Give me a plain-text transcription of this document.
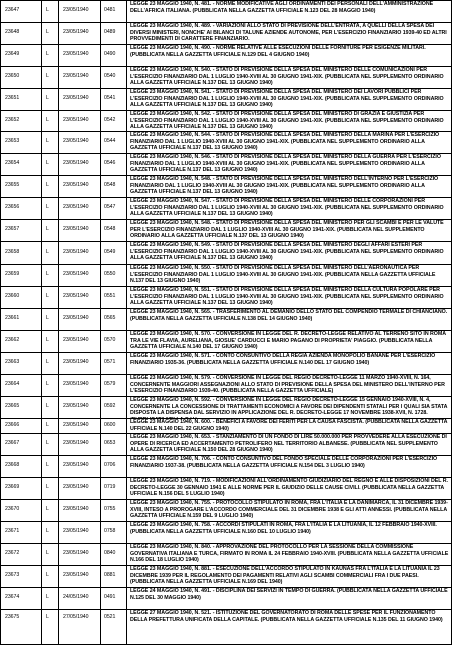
23647	L	23/05/1940	0481
LEGGE 23 MAGGIO 1940, N. 481. - NORME MODIFICATIVE AGLI ORDINAMENTI DEI PERSONALI DELL'AMMINISTRAZIONE DELL'AFRICA ITALIANA. (PUBBLICATA NELLA GAZZETTA UFFICIALE N.123 DEL 28 MAGGIO 1940)
23648	L	23/05/1940	0489
LEGGE 23 MAGGIO 1940, N. 489. - VARIAZIONI ALLO STATO DI PREVISIONE DELL'ENTRATA, A QUELLI DELLA SPESA DEI DIVERSI MINISTERI, NONCHE' AI BILANCI DI TALUNE AZIENDE AUTONOME, PER L'ESERCIZIO FINANZIARIO 1939-40 ED ALTRI PROVVEDIMENTI DI CARATTERE FINANZIARIO.
23649	L	23/05/1940	0490
LEGGE 23 MAGGIO 1940, N. 490. - NORME RELATIVE ALLE ESECUZIONI DELLE FORNITURE PER ESIGENZE MILITARI. (PUBBLICATA NELLA GAZZETTA UFFICIALE N.129 DEL 4 GIUGNO 1940)
23650	L	23/05/1940	0540
LEGGE 23 MAGGIO 1940, N. 540. - STATO DI PREVISIONE DELLA SPESA DEL MINISTERO DELLE COMUNICAZIONI PER L'ESERCIZIO FINANZIARIO DAL 1 LUGLIO 1940-XVIII AL 30 GIUGNO 1941-XIX. (PUBBLICATA NEL SUPPLEMENTO ORDINARIO ALLA GAZZETTA UFFICIALE N.137 DEL 13 GIUGNO 1940)
23651	L	23/05/1940	0541
LEGGE 23 MAGGIO 1940, N. 541. - STATO DI PREVISIONE DELLA SPESA DEL MINISTERO DEI LAVORI PUBBLICI PER L'ESERCIZIO FINANZIARIO DAL 1 LUGLIO 1940-XVIII AL 30 GIUGNO 1941-XIX. (PUBBLICATA NEL SUPPLEMENTO ORDINARIO ALLA GAZZETTA UFFICIALE N.137 DEL 13 GIUGNO 1940)
23652	L	23/05/1940	0542
LEGGE 23 MAGGIO 1940, N. 542. - STATO DI PREVISIONE DELLA SPESA DEL MINISTERO DI GRAZIA E GIUSTIZIA PER L'ESERCIZIO FINANZIARIO DAL 1 LUGLIO 1940-XVIII AL 30 GIUGNO 1941-XIX. (PUBBLICATA NEL SUPPLEMENTO ORDINARIO ALLA GAZZETTA UFFICIALE N.137 DEL 13 GIUGNO 1940)
23653	L	23/05/1940	0544
LEGGE 23 MAGGIO 1940, N. 544. - STATO DI PREVISIONE DELLA SPESA DEL MINISTERO DELLA MARINA PER L'ESERCIZIO FINANZIARIO DAL 1 LUGLIO 1940-XVIII AL 30 GIUGNO 1941-XIX. (PUBBLICATA NEL SUPPLEMENTO ORDINARIO ALLA GAZZETTA UFFICIALE N.137 DEL 13 GIUGNO 1940)
23654	L	23/05/1940	0546
LEGGE 23 MAGGIO 1940, N. 546. - STATO DI PREVISIONE DELLA SPESA DEL MINISTERO DELLA GUERRA PER L'ESERCIZIO FINANZIARIO DAL 1 LUGLIO 1940-XVIII AL 30 GIUGNO 1941-XIX. (PUBBLICATA NEL SUPPLEMENTO ORDINARIO ALLA GAZZETTA UFFICIALE N.137 DEL 13 GIUGNO 1940)
23655	L	23/05/1940	0548
LEGGE 23 MAGGIO 1940, N. 548. - STATO DI PREVISIONE DELLA SPESA DEL MINISTERO DELL'INTERNO PER L'ESERCIZIO FINANZIARIO DAL 1 LUGLIO 1940-XVIII AL 30 GIUGNO 1941-XIX. (PUBBLICATA NEL SUPPLEMENTO ORDINARIO ALLA GAZZETTA UFFICIALE N.137 DEL 13 GIUGNO 1940)
23656	L	23/05/1940	0547
LEGGE 23 MAGGIO 1940, N. 547. - STATO DI PREVISIONE DELLA SPESA DEL MINISTERO DELLE CORPORAZIONI PER L'ESERCIZIO FINANZIARIO DAL 1 LUGLIO 1940-XVIII AL 30 GIUGNO 1941-XIX. (PUBBLICATA NEL SUPPLEMENTO ORDINARIO ALLA GAZZETTA UFFICIALE N.137 DEL 13 GIUGNO 1940)
23657	L	23/05/1940	0548
LEGGE 23 MAGGIO 1940, N. 548. - STATO DI PREVISIONE DELLA SPESA DEL MINISTERO PER GLI SCAMBI E PER LE VALUTE PER L'ESERCIZIO FINANZIARIO DAL 1 LUGLIO 1940-XVIII AL 30 GIUGNO 1941-XIX. (PUBBLICATA NEL SUPPLEMENTO ORDINARIO ALLA GAZZETTA UFFICIALE N.137 DEL 13 GIUGNO 1940)
23658	L	23/05/1940	0549
LEGGE 23 MAGGIO 1940, N. 549. - STATO DI PREVISIONE DELLA SPESA DEL MINISTERO DEGLI AFFARI ESTERI PER L'ESERCIZIO FINANZIARIO DAL 1 LUGLIO 1940-XVIII AL 30 GIUGNO 1941-XIX. (PUBBLICATA NEL SUPPLEMENTO ORDINARIO ALLA GAZZETTA UFFICIALE N.137 DEL 13 GIUGNO 1940)
23659	L	23/05/1940	0550
LEGGE 23 MAGGIO 1940, N. 550. - STATO DI PREVISIONE DELLA SPESA DEL MINISTERO DELL'AERONAUTICA PER L'ESERCIZIO FINANZIARIO DAL 1 LUGLIO 1940-XVIII AL 30 GIUGNO 1941-XIX. (PUBBLICATA NELLA GAZZETTA UFFICIALE N.137 DEL 13 GIUGNO 1940)
23660	L	23/05/1940	0551
LEGGE 23 MAGGIO 1940, N. 551. - STATO DI PREVISIONE DELLA SPESA DEL MINISTERO DELLA CULTURA POPOLARE PER L'ESERCIZIO FINANZIARIO DAL 1 LUGLIO 1940-XVIII AL 30 GIUGNO 1941-XIX. (PUBBLICATA NEL SUPPLEMENTO ORDINARIO ALLA GAZZETTA UFFICIALE N.137 DEL 13 GIUGNO 1940)
23661	L	23/05/1940	0565
LEGGE 23 MAGGIO 1940, N. 565. - TRASFERIMENTO AL DEMANIO DELLO STATO DEL COMPENDIO TERMALE DI CHIANCIANO. (PUBBLICATA NELLA GAZZETTA UFFICIALE N.138 DEL 14 GIUGNO 1940)
23662	L	23/05/1940	0570
LEGGE 23 MAGGIO 1940, N. 570. - CONVERSIONE IN LEGGE DEL R. DECRETO-LEGGE RELATIVO AL TERRENO SITO IN ROMA TRA LE VIE FLAVIA, AURELIANA, GIOSUE' CARDUCCI E MARIO PAGANO DI PROPRIETA' PIAGGIO. (PUBBLICATA NELLA GAZZETTA UFFICIALE N.140 DEL 17 GIUGNO 1940)
23663	L	23/05/1940	0571
LEGGE 23 MAGGIO 1940, N. 571. - CONTO CONSUNTIVO DELLA REGIA AZIENDA MONOPOLIO BANANE PER L'ESERCIZIO FINANZIARIO 1935-36. (PUBBLICATA NELLA GAZZETTA UFFICIALE N.140 DEL 17 GIUGNO 1940)
23664	L	23/05/1940	0579
LEGGE 23 MAGGIO 1940, N. 579. - CONVERSIONE IN LEGGE DEL REGIO DECRETO-LEGGE 11 MARZO 1940-XVIII, N. 164, CONCERNENTE MAGGIORI ASSEGNAZIONI ALLO STATO DI PREVISIONE DELLA SPESA DEL MINISTERO DELL'INTERNO PER L'ESERCIZIO FINANZIARIO 1939-40. (PUBBLICATA NELLA GAZZETTA UFFICIALE)
23665	L	23/05/1940	0592
LEGGE 23 MAGGIO 1940, N. 592. - CONVERSIONE IN LEGGE DEL REGIO DECRETO-LEGGE 15 GENNAIO 1940-XVIII, N. 4, CONCERNENTE LA CONCESSIONE DI TRATTAMENTI ECONOMICI A FAVORE DEI DIPENDENTI STATALI PER I QUALI SIA STATA DISPOSTA LA DISPENSA DAL SERVIZIO IN APPLICAZIONE DEL R. DECRETO-LEGGE 17 NOVEMBRE 1938-XVII, N. 1728.
23666	L	23/05/1940	0600	LEGGE 23 MAGGIO 1940, N. 600. - BENEFICI A FAVORE DEI FERITI PER LA CAUSA FASCISTA. (PUBBLICATA NELLA GAZZETTA UFFICIALE N.140 DEL 22 GIUGNO 1940)
23667	L	23/05/1940	0653
LEGGE 23 MAGGIO 1940, N. 653. - STANZIAMENTO DI UN FONDO DI LIRE 50.000.000 PER PROVVEDERE ALLA ESECUZIONE DI OPERE DI RICERCA ED ACCERTAMENTO PETROLIFERO NEL TERRITORIO ALBANESE. (PUBBLICATA NEL SUPPLEMENTO ALLA GAZZETTA UFFICIALE N.150 DEL 28 GIUGNO 1940)
23668	L	23/05/1940	0706
LEGGE 23 MAGGIO 1940, N. 706. - CONTO CONSUNTIVO DEL FONDO SPECIALE DELLE CORPORAZIONI PER L'ESERCIZIO FINANZIARIO 1937-38. (PUBBLICATA NELLA GAZZETTA UFFICIALE N.154 DEL 3 LUGLIO 1940)
23669	L	23/05/1940	0719
LEGGE 23 MAGGIO 1940, N. 719. - MODIFICAZIONI ALL'ORDINAMENTO GIUDIZIARIO DEL REGNO E ALLE DISPOSIZIONI DEL R. DECRETO-LEGGE 30 GENNAIO 1941 E ALLE NORME PER IL GIUDIZIO DELLE CAUSE CIVILI. (PUBBLICATA NELLA GAZZETTA UFFICIALE N.156 DEL 5 LUGLIO 1940)
23670	L	23/05/1940	0755
LEGGE 23 MAGGIO 1940, N. 755. - PROTOCOLLO STIPULATO IN ROMA, FRA L'ITALIA E LA DANIMARCA, IL 31 DICEMBRE 1939-XVIII, INTESO A PROROGARE L'ACCORDO COMMERCIALE DEL 31 DICEMBRE 1938 E GLI ATTI ANNESSI. (PUBBLICATA NELLA GAZZETTA UFFICIALE N.159 DEL 9 LUGLIO 1940)
23671	L	23/05/1940	0758
LEGGE 23 MAGGIO 1940, N. 758. - ACCORDI STIPULATI IN ROMA, FRA L'ITALIA E LA LITUANIA, IL 12 FEBBRAIO 1940-XVIII. (PUBBLICATA NELLA GAZZETTA UFFICIALE N.160 DEL 10 LUGLIO 1940)
23672	L	23/05/1940	0840
LEGGE 23 MAGGIO 1940, N. 840. - APPROVAZIONE DEL PROTOCOLLO PER LA SESSIONE DELLA COMMISSIONE GOVERNATIVA ITALIANA E TURCA, FIRMATO IN ROMA IL 24 FEBBRAIO 1940-XVIII. (PUBBLICATA NELLA GAZZETTA UFFICIALE N.166 DEL 18 LUGLIO 1940)
23673	L	23/05/1940	0881
LEGGE 23 MAGGIO 1940, N. 881. - ESECUZIONE DELL'ACCORDO STIPULATO IN KAUNAS FRA L'ITALIA E LA LITUANIA IL 23 DICEMBRE 1939 PER IL REGOLAMENTO DEI PAGAMENTI RELATIVI AGLI SCAMBI COMMERCIALI FRA I DUE PAESI. (PUBBLICATA NELLA GAZZETTA UFFICIALE N.169 DEL 1940)
23674	L	24/05/1940	0491
LEGGE 24 MAGGIO 1940, N. 491. - DISCIPLINA DEI SERVIZI IN TEMPO DI GUERRA. (PUBBLICATA NELLA GAZZETTA UFFICIALE N.125 DEL 30 MAGGIO 1940)
23675	L	27/05/1940	0521
LEGGE 27 MAGGIO 1940, N. 521. - ISTITUZIONE DEL GOVERNATORATO DI ROMA DELLE SPESE PER IL FUNZIONAMENTO DELLA PREFETTURA UNIFICATA DELLA CAPITALE. (PUBBLICATA NELLA GAZZETTA UFFICIALE N.135 DEL 11 GIUGNO 1940)
